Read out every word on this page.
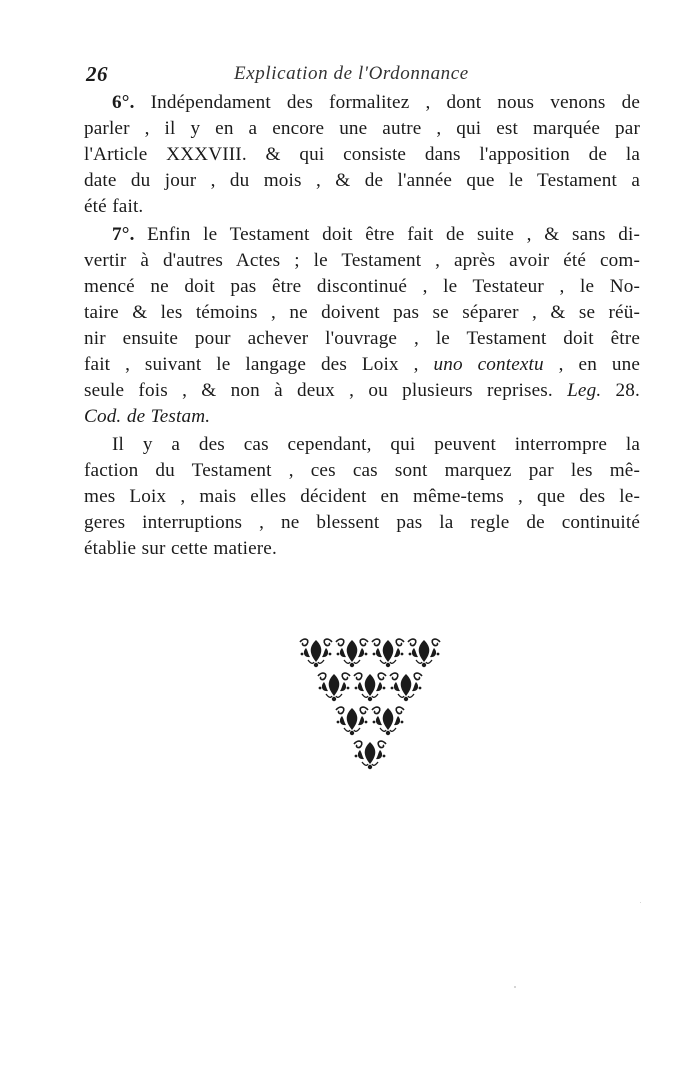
26	Explication de l'Ordonnance
6°. Indépendament des formalitez , dont nous venons de
parler , il y en a encore une autre , qui est marquée par
l'Article XXXVIII. & qui consiste dans l'apposition de la
date du jour , du mois , & de l'année que le Testament a
été fait.
7°. Enfin le Testament doit être fait de suite , & sans di-
vertir à d'autres Actes ; le Testament , après avoir été com-
mencé ne doit pas être discontinué , le Testateur , le No-
taire & les témoins , ne doivent pas se séparer , & se réü-
nir ensuite pour achever l'ouvrage , le Testament doit être
fait , suivant le langage des Loix , uno contextu , en une
seule fois , & non à deux , ou plusieurs reprises. Leg. 28.
Cod. de Testam.
Il y a des cas cependant, qui peuvent interrompre la
faction du Testament , ces cas sont marquez par les mê-
mes Loix , mais elles décident en même-tems , que des le-
geres interruptions , ne blessent pas la regle de continuité
établie sur cette matiere.
